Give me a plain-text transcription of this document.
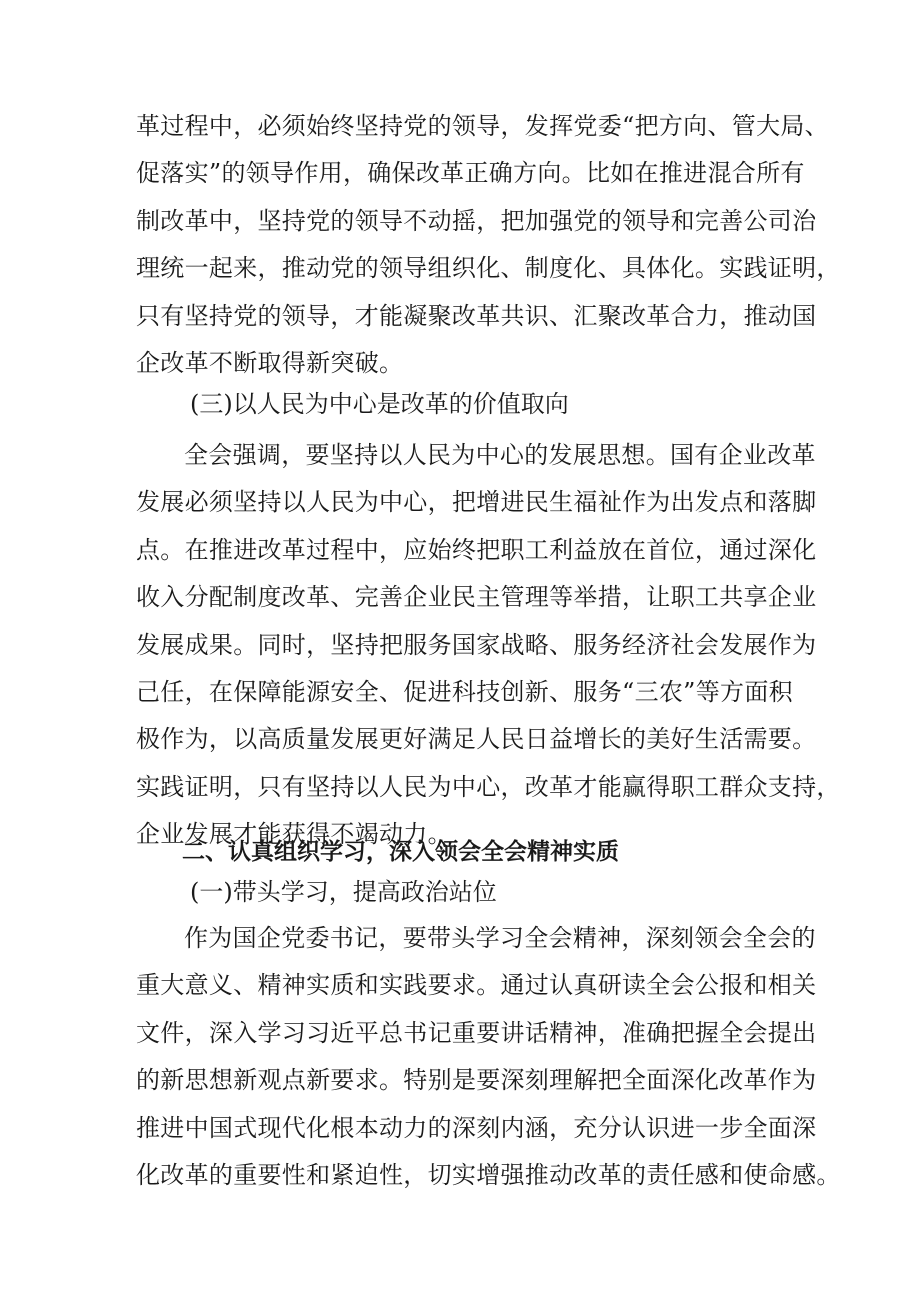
革过程中，必须始终坚持党的领导，发挥党委“把方向、管大局、
促落实”的领导作用，确保改革正确方向。比如在推进混合所有
制改革中，坚持党的领导不动摇，把加强党的领导和完善公司治
理统一起来，推动党的领导组织化、制度化、具体化。实践证明，
只有坚持党的领导，才能凝聚改革共识、汇聚改革合力，推动国
企改革不断取得新突破。

(三)以人民为中心是改革的价值取向

全会强调，要坚持以人民为中心的发展思想。国有企业改革
发展必须坚持以人民为中心，把增进民生福祉作为出发点和落脚
点。在推进改革过程中，应始终把职工利益放在首位，通过深化
收入分配制度改革、完善企业民主管理等举措，让职工共享企业
发展成果。同时，坚持把服务国家战略、服务经济社会发展作为
己任，在保障能源安全、促进科技创新、服务“三农”等方面积
极作为，以高质量发展更好满足人民日益增长的美好生活需要。
实践证明，只有坚持以人民为中心，改革才能赢得职工群众支持，
企业发展才能获得不竭动力。

二、认真组织学习，深入领会全会精神实质
(一)带头学习，提高政治站位

作为国企党委书记，要带头学习全会精神，深刻领会全会的
重大意义、精神实质和实践要求。通过认真研读全会公报和相关
文件，深入学习习近平总书记重要讲话精神，准确把握全会提出
的新思想新观点新要求。特别是要深刻理解把全面深化改革作为
推进中国式现代化根本动力的深刻内涵，充分认识进一步全面深
化改革的重要性和紧迫性，切实增强推动改革的责任感和使命感。
